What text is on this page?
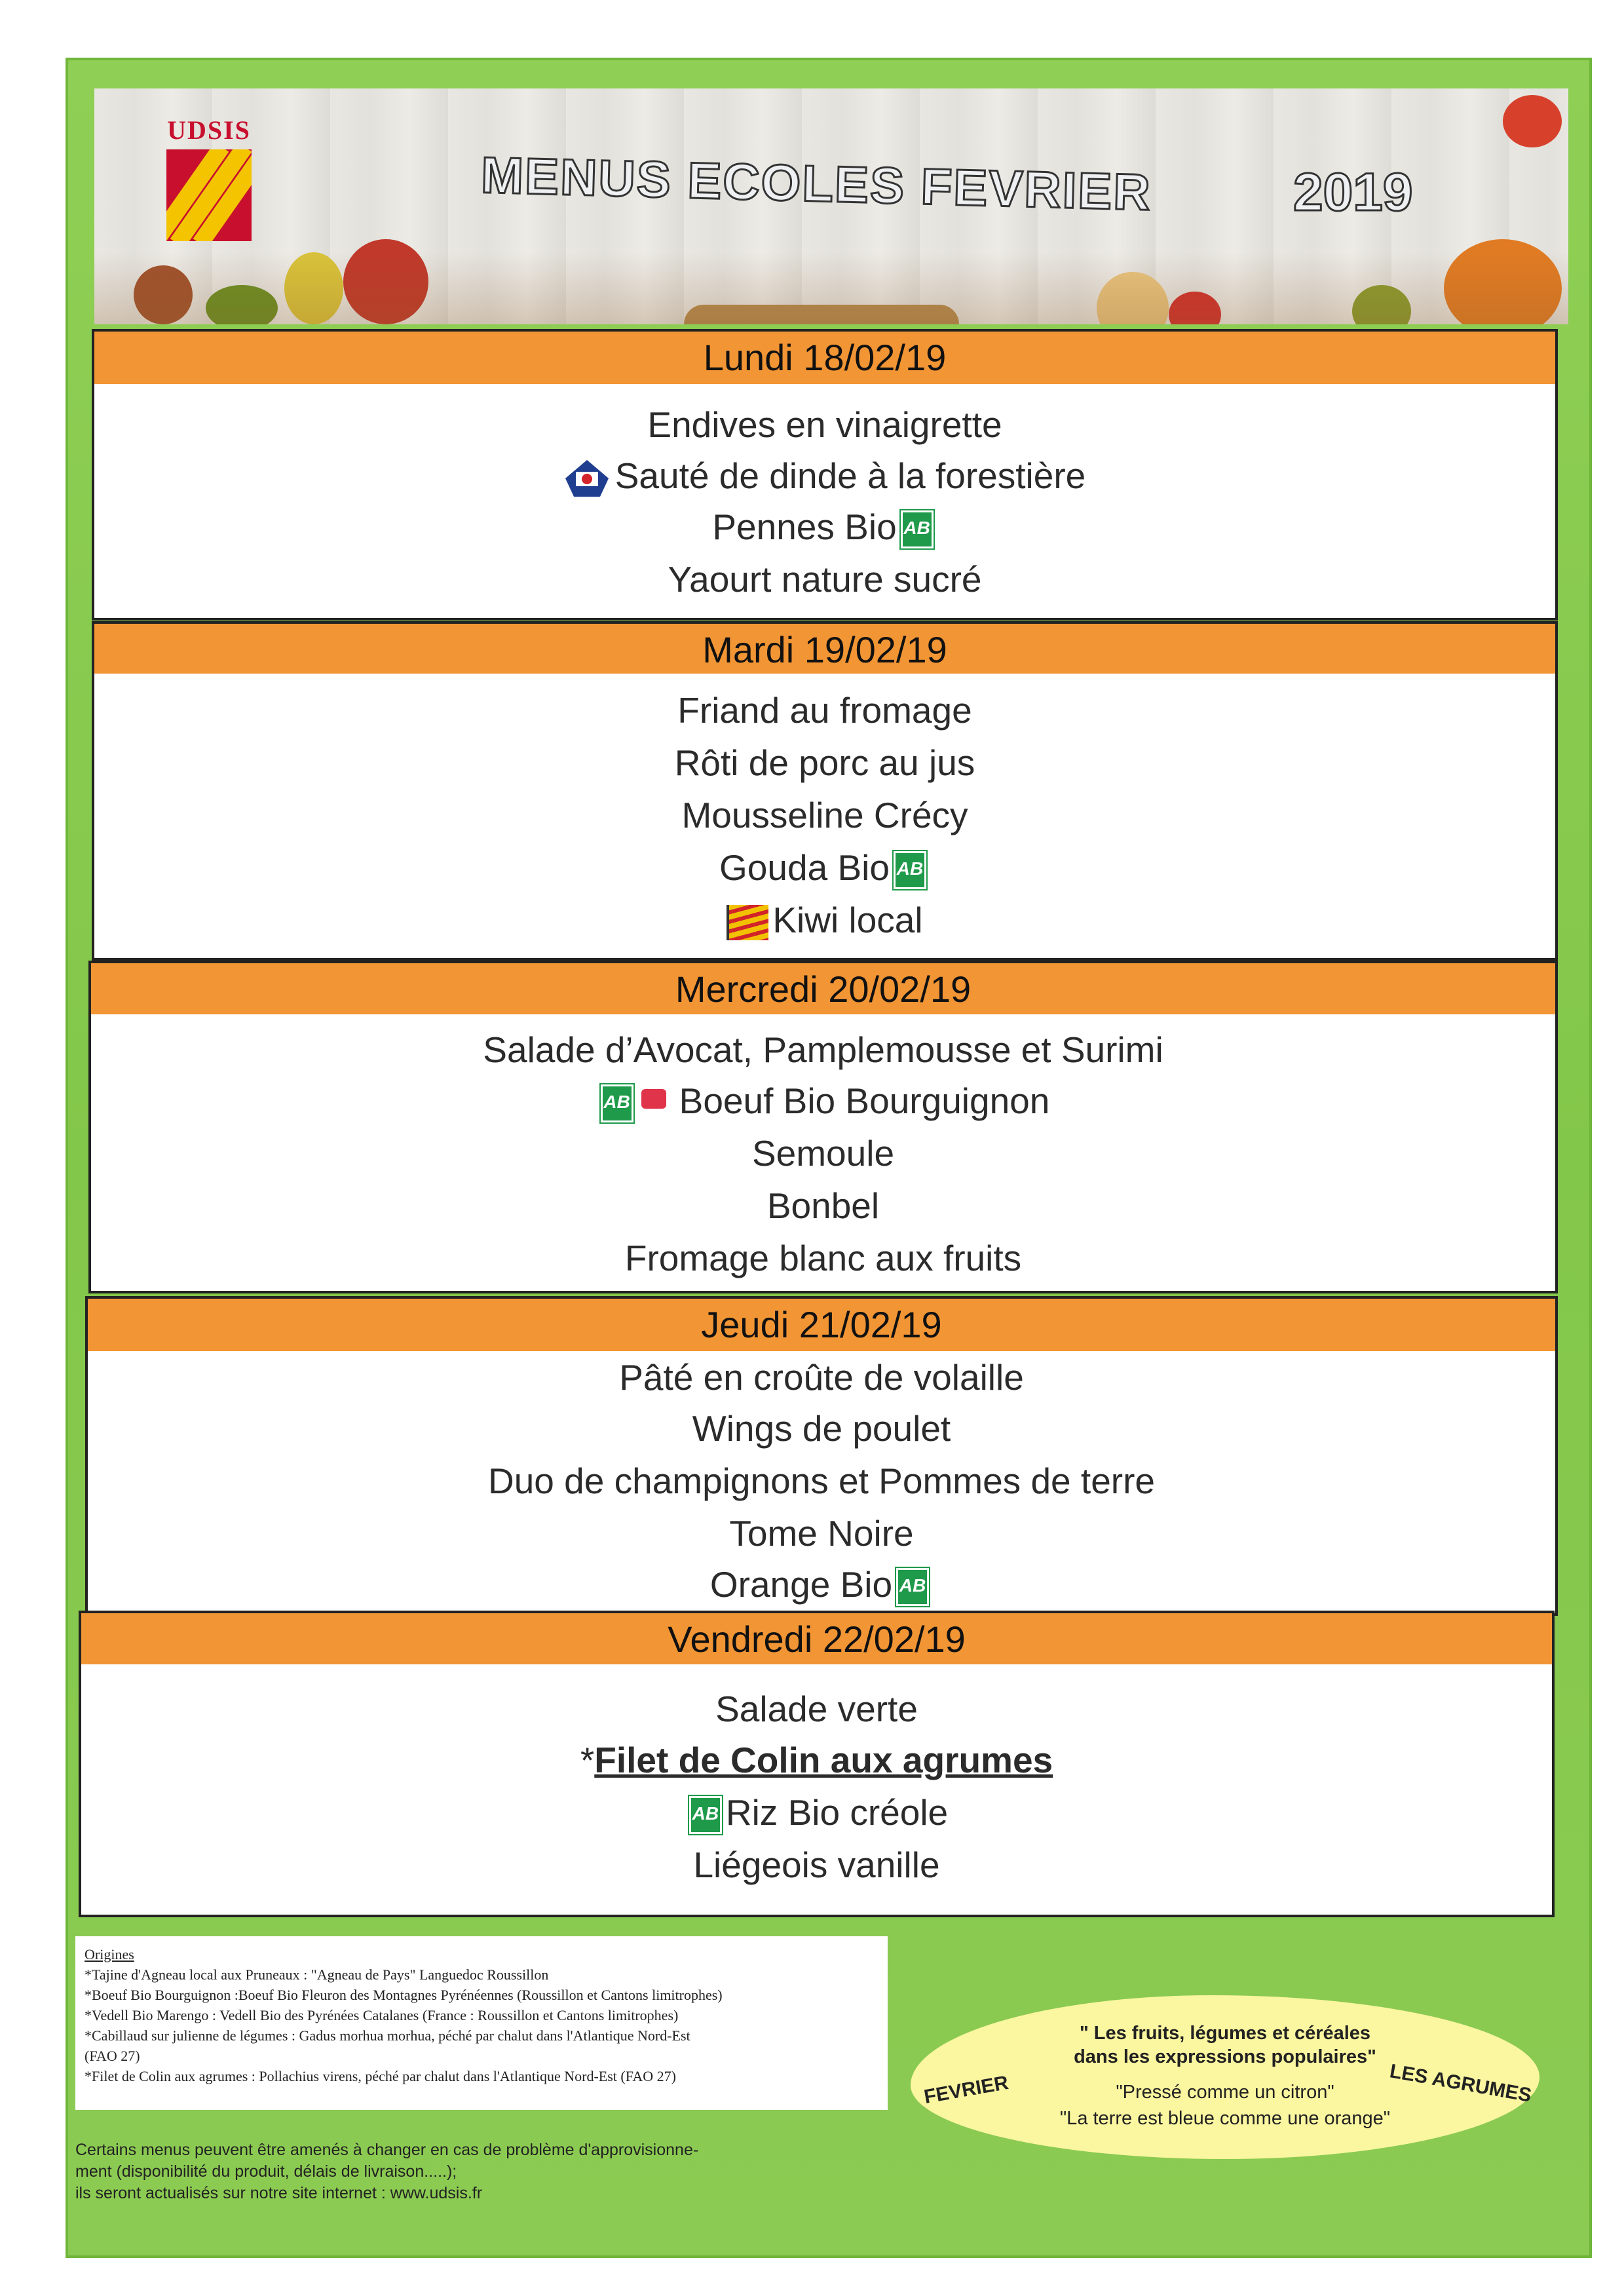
UDSIS
MENUS ECOLES FEVRIER	2019
Lundi 18/02/19
Endives en vinaigrette
Sauté de dinde à la forestière
Pennes Bio AB
Yaourt nature sucré
Mardi 19/02/19
Friand au fromage
Rôti de porc au jus
Mousseline Crécy
Gouda Bio AB
Kiwi local
Mercredi 20/02/19
Salade d’Avocat, Pamplemousse et Surimi
AB Boeuf Bio Bourguignon
Semoule
Bonbel
Fromage blanc aux fruits
Jeudi 21/02/19
Pâté en croûte de volaille
Wings de poulet
Duo de champignons et Pommes de terre
Tome Noire
Orange Bio AB
Vendredi 22/02/19
Salade verte
*Filet de Colin aux agrumes
AB Riz Bio créole
Liégeois vanille
Origines
*Tajine d'Agneau local aux Pruneaux : "Agneau de Pays" Languedoc Roussillon
*Boeuf Bio Bourguignon :Boeuf Bio Fleuron des Montagnes Pyrénéennes (Roussillon et Cantons limitrophes)
*Vedell Bio Marengo : Vedell Bio des Pyrénées Catalanes (France : Roussillon et Cantons limitrophes)
*Cabillaud sur julienne de légumes : Gadus morhua morhua, péché par chalut dans l'Atlantique Nord-Est
(FAO 27)
*Filet de Colin aux agrumes : Pollachius virens, péché par chalut dans l'Atlantique Nord-Est (FAO 27)
Certains menus peuvent être amenés à changer en cas de problème d'approvisionne-
ment (disponibilité du produit, délais de livraison.....);
ils seront actualisés sur notre site internet : www.udsis.fr
FEVRIER	LES AGRUMES
" Les fruits, légumes et céréales
dans les expressions populaires"
"Pressé comme un citron"
"La terre est bleue comme une orange"
